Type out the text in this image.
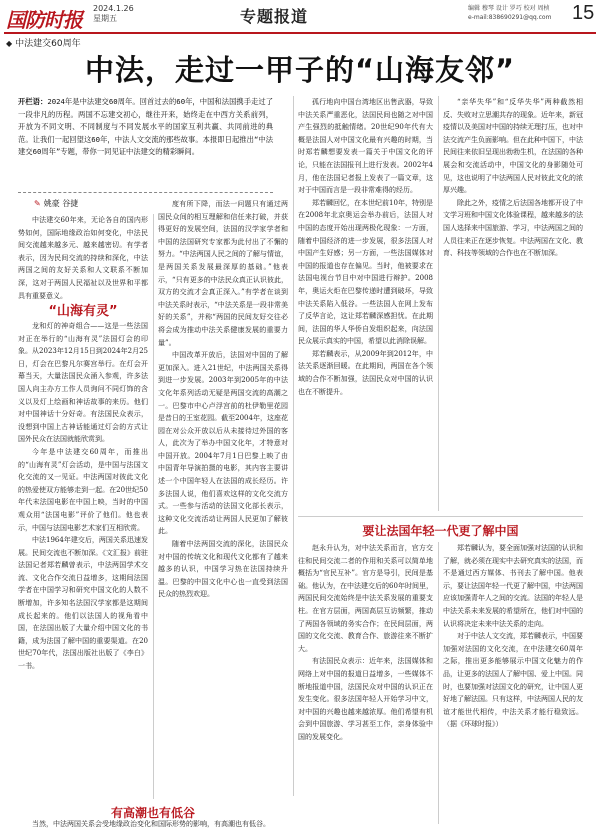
国防时报 2024.1.26
星期五	专题报道	编辑 穆琴 设计 罗巧 校对 周桢
e-mail:838690291@qq.com 15
◆ 中法建交60周年
中法，走过一甲子的“山海友邻”
开栏语：2024年是中法建交60周年。回首过去的60年，中国和法国携手走过了一段非凡的历程。两国不忘建交初心，继往开来，始终走在中西方关系前列，开放为不同文明、不同制度与不同发展水平的国家互利共赢、共同前进的典范。让我们一起回望这60年，中法人文交流的那些故事。本报即日起推出“中法建交60周年”专题，带你一同见证中法建交的精彩瞬间。
✎ 姚豪 谷捷

中法建交60年来，无论各自的国内形势如何，国际地缘政治如何变化，中法民间交流越来越多元、越来越密切。有学者表示，因为民间交流的持续和深化，中法两国之间的友好关系和人文联系不断加深，这对于两国人民福祉以及世界和平都具有重要意义。

“山海有灵”

龙和灯的神奇组合——这是一些法国对正在举行的“山海有灵”法国灯会的印象。从2023年12月15日到2024年2月25日，灯会在巴黎凡尔赛宫举行。在灯会开幕当天，大量法国民众涌入参观，许多法国人向主办方工作人员询问不同灯饰的含义以及灯上绘画和神话故事的来历。他们对中国神话十分好奇。有法国民众表示，没想到中国上古神话能通过灯会的方式让国外民众在法国就能欣赏到。

今年是中法建交60周年，而推出的“山海有灵”灯会活动，是中国与法国文化交流的又一见证。中法两国对彼此文化的热爱使双方能够走到一起。在20世纪50年代末法国电影在中国上映，当时的中国观众用“法国电影”评价了他们。他也表示，中国与法国电影艺术家们互相欣赏。

中法1964年建交后，两国关系迅速发展。民间交流也不断加深。《文汇报》前驻法国记者郑若麟曾表示，中法两国学术交流、文化合作交流日益增多，这期间法国学者在中国学习和研究中国文化的人数不断增加，许多知名法国汉学家都是这期间成长起来的。他们以法国人的视角看中国，在法国出版了大量介绍中国文化的书籍，成为法国了解中国的重要渠道。在20世纪70年代，法国出版社出版了《李白》一书。

有高潮也有低谷

当然，中法两国关系会受地缘政治变化和国际形势的影响，有高潮也有低谷。

度有所下降，而法一问题只有通过两国民众间的相互理解和信任来打破，并获得更好的发展空间，法国的汉学家学者和中国的法国研究专家都为此付出了不懈的努力。“中法两国人民之间的了解与情谊，是两国关系发展最深厚的基础。”他表示，“只有更多的中法民众真正认识彼此，双方的交流才会真正深入。”有学者在谈到中法关系时表示，“中法关系是一段非常美好的关系”，并称“两国的民间友好交往必将会成为推动中法关系健康发展的重要力量”。

中国改革开放后，法国对中国的了解更加深入。进入21世纪，中法两国关系得到进一步发展。2003年到2005年的中法文化年系列活动无疑是两国交流的高潮之一。巴黎市中心卢浮宫前的杜伊勒里花园是昔日的王室花园。截至2004年，这座花园在对公众开放以后从未接待过外国的客人，此次为了举办中国文化年，才特意对中国开放。2004年7月1日巴黎上映了由中国青年导演拍摄的电影，其内容主要讲述一个中国年轻人在法国的成长经历。许多法国人说，他们喜欢这样的文化交流方式。一些参与活动的法国文化部长表示，这种文化交流活动让两国人民更加了解彼此。

随着中法两国交流的深化，法国民众对中国的传统文化和现代文化都有了越来越多的认识，中国学习热在法国持续升温。巴黎的中国文化中心也一直受到法国民众的热烈欢迎。

孤行地向中国台湾地区出售武器，导致中法关系严重恶化，法国民间也随之对中国产生强烈的抵触情绪。20世纪90年代有大概是法国人对中国文化最有兴趣的时期，当时郑若麟想要发表一篇关于中国文化的评论，只能在法国报刊上进行发表。2002年4月，他在法国记者报上发表了一篇文章，这对于中国而言是一段非常难得的经历。

郑若麟回忆，在本世纪前10年，特别是在2008年北京奥运会举办前后，法国人对中国的态度开始出现两极化现象：一方面，随着中国经济的进一步发展，很多法国人对中国产生好感；另一方面，一些法国媒体对中国的报道也存在偏见。当时，他被要求在法国电视台节目中对中国进行辩护。2008年，奥运火炬在巴黎传递时遭到破坏，导致中法关系陷入低谷。一些法国人在网上发布了反华言论，这让郑若麟深感担忧。在此期间，法国的华人华侨自发组织起来，向法国民众展示真实的中国，希望以此消除误解。

郑若麟表示，从2009年到2012年，中法关系逐渐回暖。在此期间，两国在各个领域的合作不断加强，法国民众对中国的认识也在不断提升。

“亲华失华”和“反华失华”两种截然相反、失败对立思潮共存的现象。近年来，新冠疫情以及美国对中国的持续无理打压，也对中法交流产生负面影响。但在此种中国下，中法民间往来依旧呈现出勃勃生机，在法国的各种展会和交流活动中，中国文化的身影随处可见，这也说明了中法两国人民对彼此文化的浓厚兴趣。

除此之外，疫情之后法国各地都开设了中文学习班和中国文化体验课程，越来越多的法国人选择来中国旅游、学习，中法两国之间的人员往来正在逐步恢复。中法两国在文化、教育、科技等领域的合作也在不断加深。

要让法国年轻一代更了解中国

赵永升认为，对中法关系而言，官方交往和民间交流二者的作用和关系可以简单地概括为“官民互补”。官方是导引，民间是基础。他认为，在中法建交后的60年时间里，两国民间交流始终是中法关系发展的重要支柱。在官方层面，两国高层互访频繁，推动了两国各领域的务实合作；在民间层面，两国的文化交流、教育合作、旅游往来不断扩大。

有法国民众表示：近年来，法国媒体和网络上对中国的报道日益增多，一些媒体不断地报道中国，法国民众对中国的认识正在发生变化。很多法国年轻人开始学习中文，对中国的兴趣也越来越浓厚。他们希望有机会到中国旅游、学习甚至工作，亲身体验中国的发展变化。

郑若麟认为，要全面加强对法国的认识和了解，就必须在现实中去研究真实的法国，而不是通过西方媒体、书刊去了解中国。他表示，要让法国年轻一代更了解中国，中法两国应该加强青年人之间的交流。法国的年轻人是中法关系未来发展的希望所在，他们对中国的认识将决定未来中法关系的走向。

对于中法人文交流，郑若麟表示，中国要加强对法国的文化交流，在中法建交60周年之际，推出更多能够展示中国文化魅力的作品，让更多的法国人了解中国、爱上中国。同时，也要加强对法国文化的研究，让中国人更好地了解法国。只有这样，中法两国人民的友谊才能世代相传，中法关系才能行稳致远。（据《环球时报》）
